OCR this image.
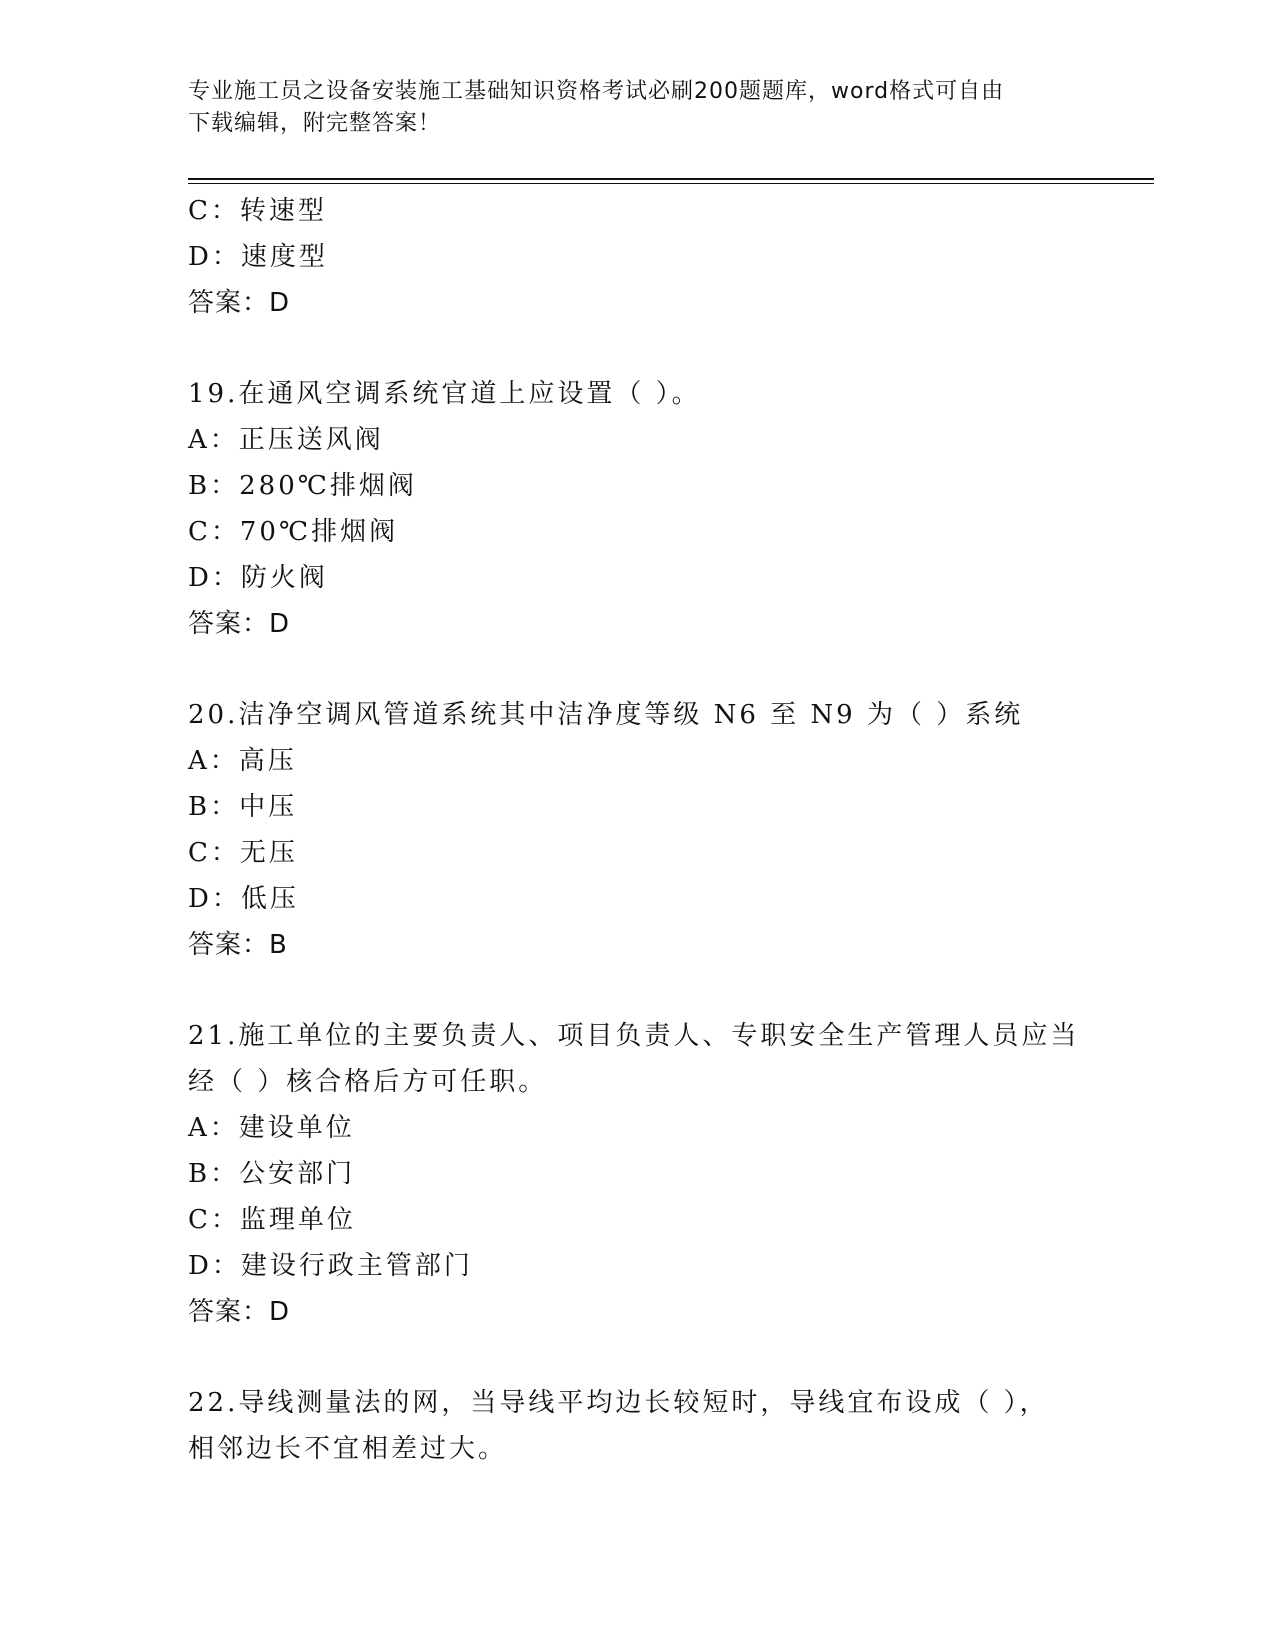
专业施工员之设备安装施工基础知识资格考试必刷200题题库，word格式可自由
下载编辑，附完整答案！
C：转速型
D：速度型
答案：D
19.在通风空调系统官道上应设置（ ）。
A：正压送风阀
B：280℃排烟阀
C：70℃排烟阀
D：防火阀
答案：D
20.洁净空调风管道系统其中洁净度等级 N6 至 N9 为（ ）系统
A：高压
B：中压
C：无压
D：低压
答案：B
21.施工单位的主要负责人、项目负责人、专职安全生产管理人员应当
经（ ）核合格后方可任职。
A：建设单位
B：公安部门
C：监理单位
D：建设行政主管部门
答案：D
22.导线测量法的网，当导线平均边长较短时，导线宜布设成（ ），
相邻边长不宜相差过大。
